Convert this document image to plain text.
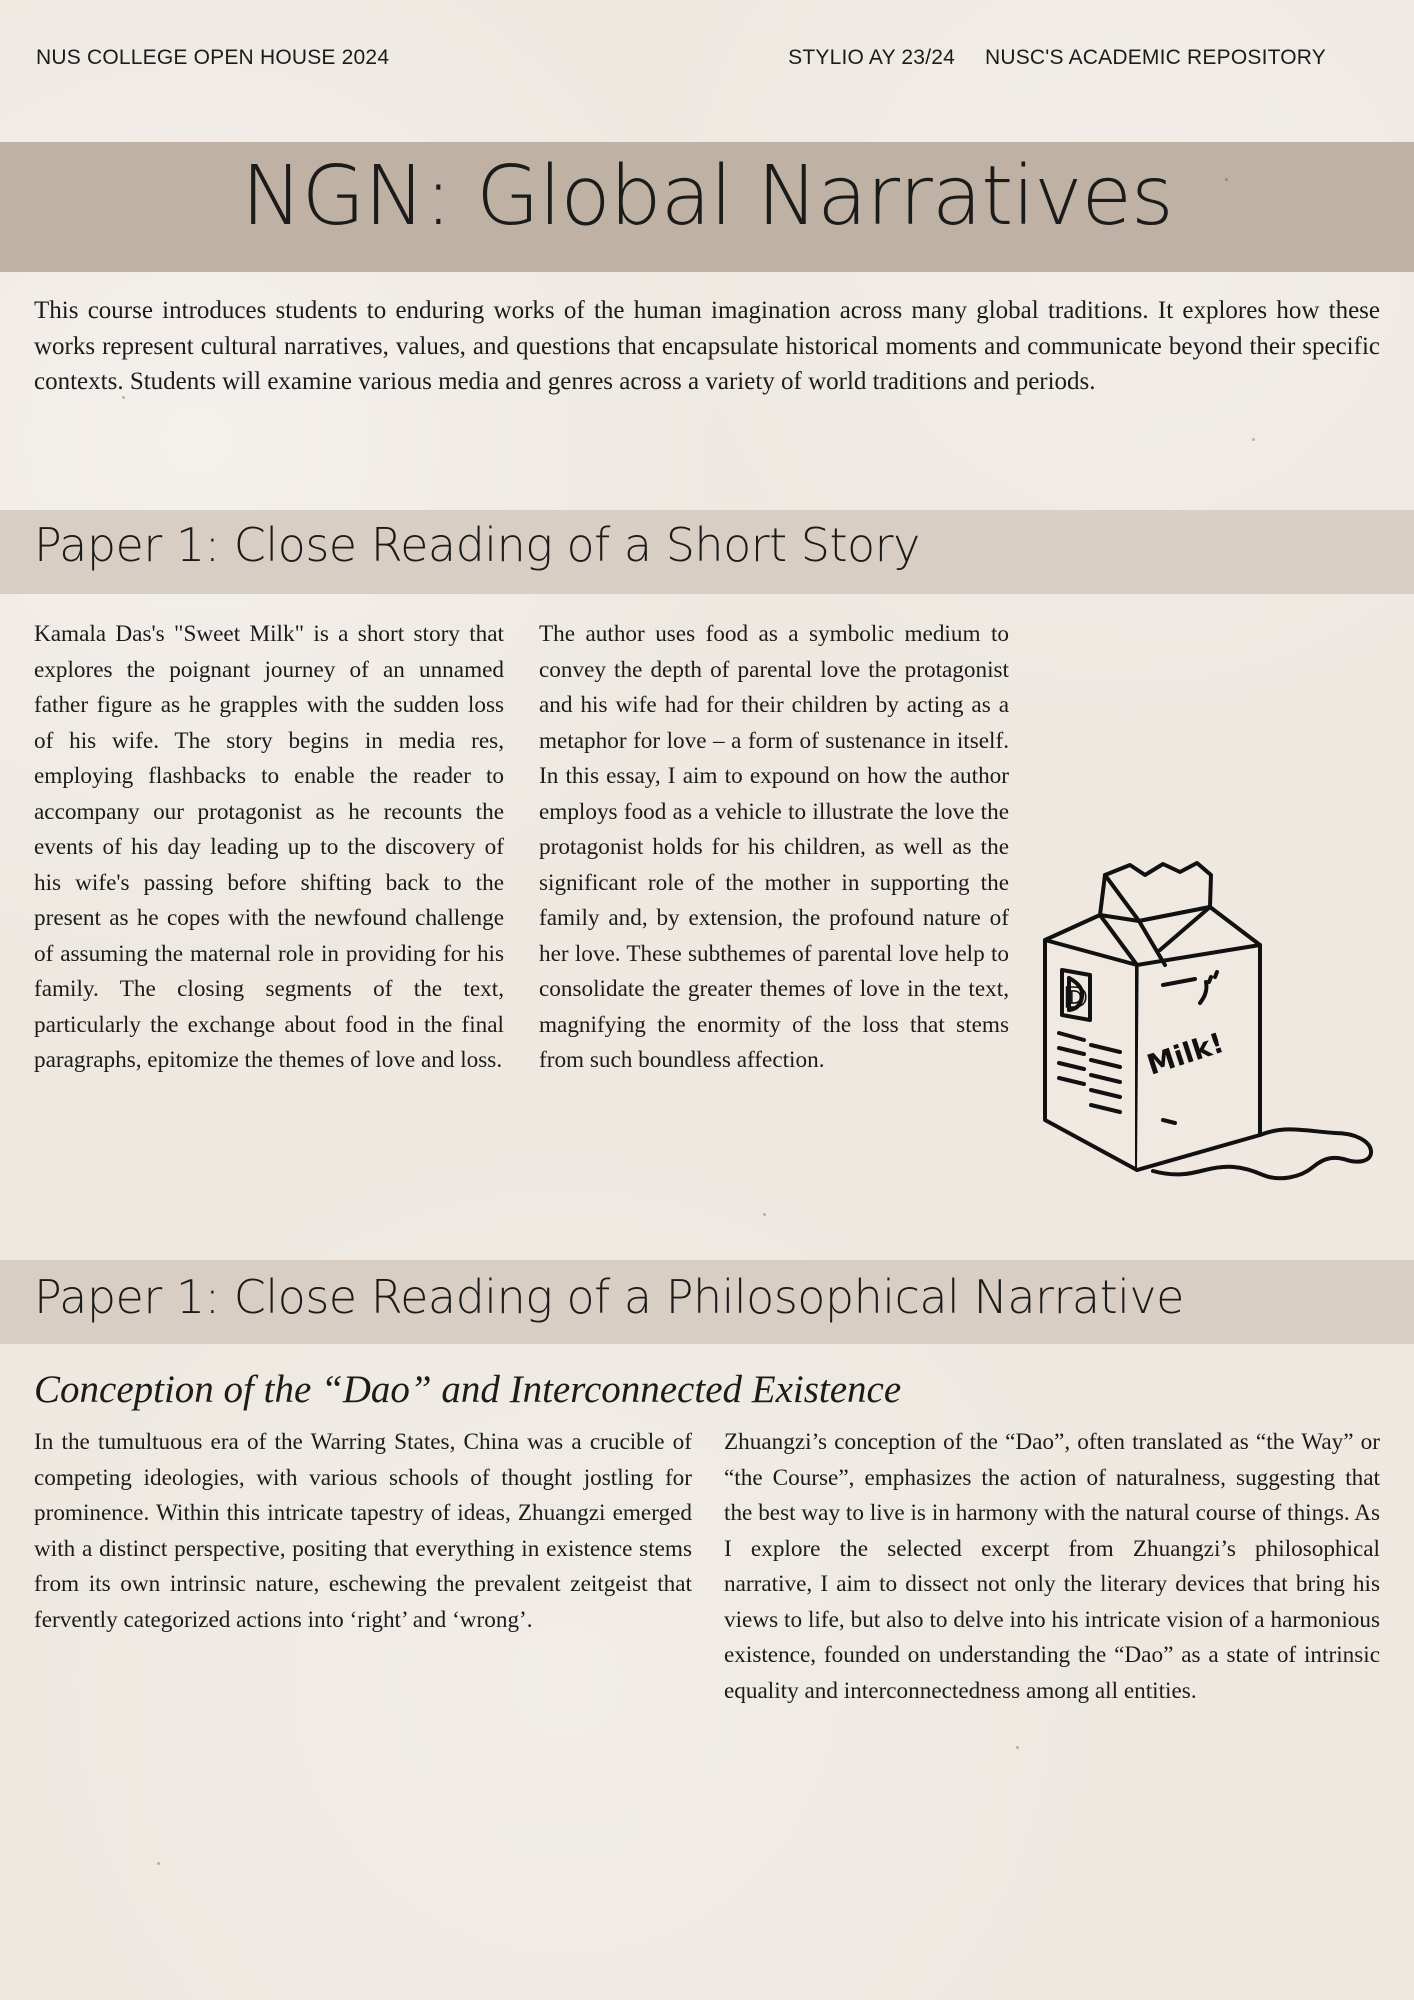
NUS COLLEGE OPEN HOUSE 2024	STYLIO AY 23/24 NUSC'S ACADEMIC REPOSITORY
NGN: Global Narratives
This course introduces students to enduring works of the human imagination across many global traditions. It explores how these works represent cultural narratives, values, and questions that encapsulate historical moments and communicate beyond their specific contexts. Students will examine various media and genres across a variety of world traditions and periods.
Paper 1: Close Reading of a Short Story
Kamala Das's "Sweet Milk" is a short story that explores the poignant journey of an unnamed father figure as he grapples with the sudden loss of his wife. The story begins in media res, employing flashbacks to enable the reader to accompany our protagonist as he recounts the events of his day leading up to the discovery of his wife's passing before shifting back to the present as he copes with the newfound challenge of assuming the maternal role in providing for his family. The closing segments of the text, particularly the exchange about food in the final paragraphs, epitomize the themes of love and loss.
The author uses food as a symbolic medium to convey the depth of parental love the protagonist and his wife had for their children by acting as a metaphor for love – a form of sustenance in itself. In this essay, I aim to expound on how the author employs food as a vehicle to illustrate the love the protagonist holds for his children, as well as the significant role of the mother in supporting the family and, by extension, the profound nature of her love. These subthemes of parental love help to consolidate the greater themes of love in the text, magnifying the enormity of the loss that stems from such boundless affection.	Milk!
D
Paper 1: Close Reading of a Philosophical Narrative
Conception of the “Dao” and Interconnected Existence
In the tumultuous era of the Warring States, China was a crucible of competing ideologies, with various schools of thought jostling for prominence. Within this intricate tapestry of ideas, Zhuangzi emerged with a distinct perspective, positing that everything in existence stems from its own intrinsic nature, eschewing the prevalent zeitgeist that fervently categorized actions into ‘right’ and ‘wrong’.
Zhuangzi’s conception of the “Dao”, often translated as “the Way” or “the Course”, emphasizes the action of naturalness, suggesting that the best way to live is in harmony with the natural course of things. As I explore the selected excerpt from Zhuangzi’s philosophical narrative, I aim to dissect not only the literary devices that bring his views to life, but also to delve into his intricate vision of a harmonious existence, founded on understanding the “Dao” as a state of intrinsic equality and interconnectedness among all entities.
